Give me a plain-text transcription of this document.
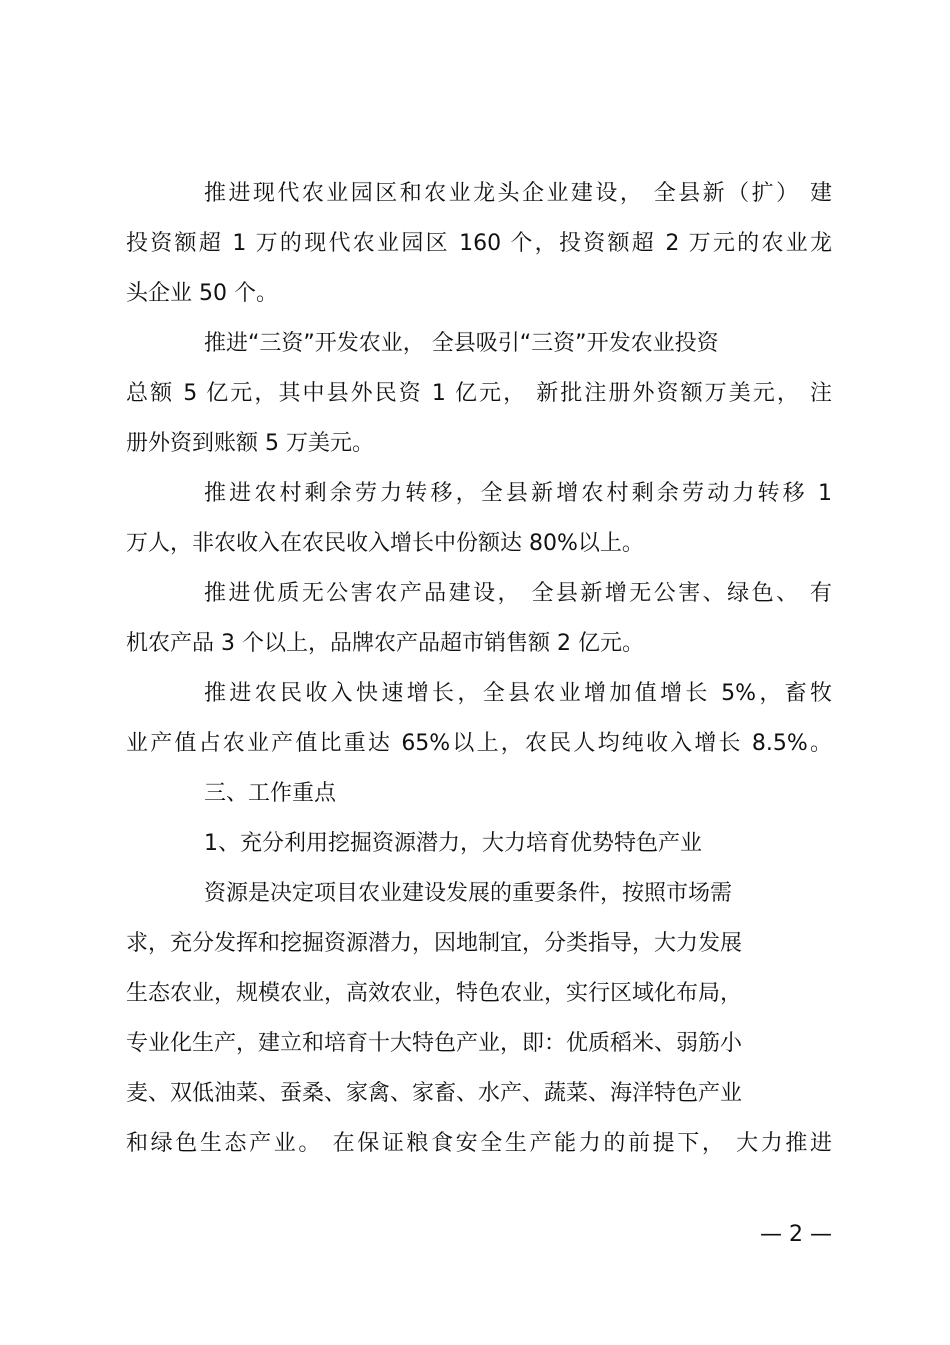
推进现代农业园区和农业龙头企业建设， 全县新（扩） 建
投资额超 1 万的现代农业园区 160 个，投资额超 2 万元的农业龙
头企业 50 个。
推进“三资”开发农业， 全县吸引“三资”开发农业投资
总额 5 亿元，其中县外民资 1 亿元， 新批注册外资额万美元， 注
册外资到账额 5 万美元。
推进农村剩余劳力转移，全县新增农村剩余劳动力转移 1
万人，非农收入在农民收入增长中份额达 80%以上。
推进优质无公害农产品建设， 全县新增无公害、绿色、 有
机农产品 3 个以上，品牌农产品超市销售额 2 亿元。
推进农民收入快速增长，全县农业增加值增长 5%，畜牧
业产值占农业产值比重达 65%以上，农民人均纯收入增长 8.5%。
三、工作重点
1、充分利用挖掘资源潜力，大力培育优势特色产业
资源是决定项目农业建设发展的重要条件，按照市场需
求，充分发挥和挖掘资源潜力，因地制宜，分类指导，大力发展
生态农业，规模农业，高效农业，特色农业，实行区域化布局，
专业化生产，建立和培育十大特色产业，即：优质稻米、弱筋小
麦、双低油菜、蚕桑、家禽、家畜、水产、蔬菜、海洋特色产业
和绿色生态产业。 在保证粮食安全生产能力的前提下， 大力推进
— 2 —
